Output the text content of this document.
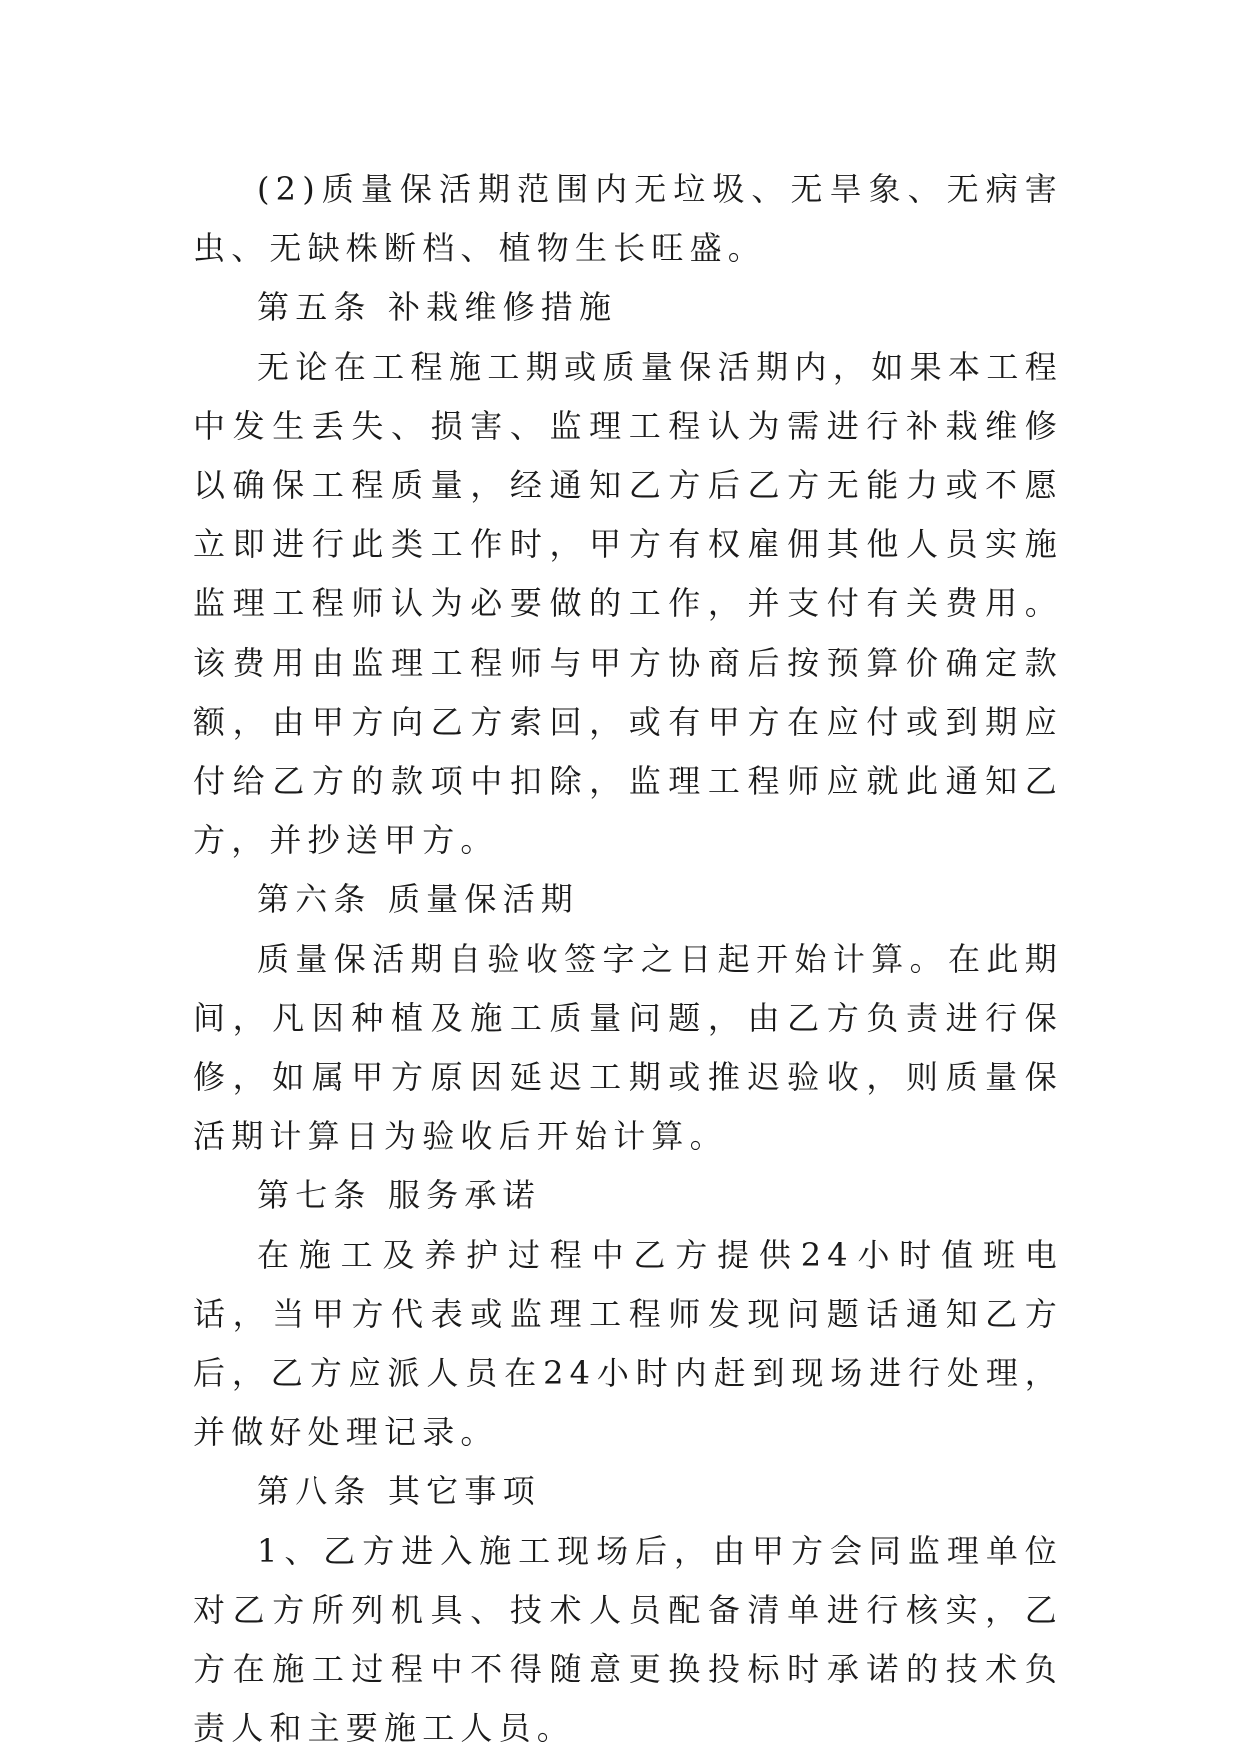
(2)质量保活期范围内无垃圾、无旱象、无病害虫、无缺株断档、植物生长旺盛。

第五条 补栽维修措施

无论在工程施工期或质量保活期内，如果本工程中发生丢失、损害、监理工程认为需进行补栽维修以确保工程质量，经通知乙方后乙方无能力或不愿立即进行此类工作时，甲方有权雇佣其他人员实施监理工程师认为必要做的工作，并支付有关费用。该费用由监理工程师与甲方协商后按预算价确定款额，由甲方向乙方索回，或有甲方在应付或到期应付给乙方的款项中扣除，监理工程师应就此通知乙方，并抄送甲方。

第六条 质量保活期

质量保活期自验收签字之日起开始计算。在此期间，凡因种植及施工质量问题，由乙方负责进行保修，如属甲方原因延迟工期或推迟验收，则质量保活期计算日为验收后开始计算。

第七条 服务承诺

在施工及养护过程中乙方提供24小时值班电话，当甲方代表或监理工程师发现问题话通知乙方后，乙方应派人员在24小时内赶到现场进行处理，并做好处理记录。

第八条 其它事项

1、乙方进入施工现场后，由甲方会同监理单位对乙方所列机具、技术人员配备清单进行核实，乙方在施工过程中不得随意更换投标时承诺的技术负责人和主要施工人员。
